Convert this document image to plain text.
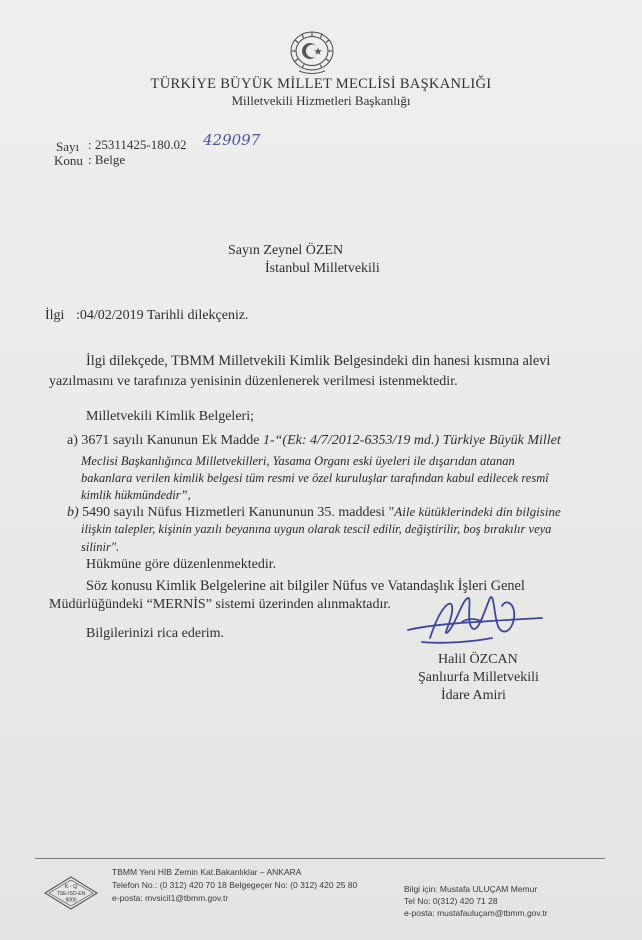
TÜRKİYE BÜYÜK MİLLET MECLİSİ BAŞKANLIĞI
Milletvekili Hizmetleri Başkanlığı
Sayı : 25311425-180.02 429097
Konu : Belge
Sayın Zeynel ÖZEN
İstanbul Milletvekili
İlgi :04/02/2019 Tarihli dilekçeniz.
İlgi dilekçede, TBMM Milletvekili Kimlik Belgesindeki din hanesi kısmına alevi
yazılmasını ve tarafınıza yenisinin düzenlenerek verilmesi istenmektedir.
Milletvekili Kimlik Belgeleri;
a) 3671 sayılı Kanunun Ek Madde 1-“(Ek: 4/7/2012-6353/19 md.) Türkiye Büyük Millet
Meclisi Başkanlığınca Milletvekilleri, Yasama Organı eski üyeleri ile dışarıdan atanan
bakanlara verilen kimlik belgesi tüm resmi ve özel kuruluşlar tarafından kabul edilecek resmî
kimlik hükmündedir”,
b) 5490 sayılı Nüfus Hizmetleri Kanununun 35. maddesi "Aile kütüklerindeki din bilgisine
ilişkin talepler, kişinin yazılı beyanına uygun olarak tescil edilir, değiştirilir, boş bırakılır veya
silinir".
Hükmüne göre düzenlenmektedir.
Söz konusu Kimlik Belgelerine ait bilgiler Nüfus ve Vatandaşlık İşleri Genel
Müdürlüğündeki “MERNİS” sistemi üzerinden alınmaktadır.
Bilgilerinizi rica ederim.
Halil ÖZCAN
Şanlıurfa Milletvekili
İdare Amiri
K - Q
TSE-ISO-EN
9000
TBMM Yeni HİB Zemin Kat.Bakanlıklar – ANKARA
Telefon No.: (0 312) 420 70 18 Belgegeçer No: (0 312) 420 25 80
e-posta: mvsicil1@tbmm.gov.tr
Bilgi için: Mustafa ULUÇAM Memur
Tel No: 0(312) 420 71 28
e-posta: mustafauluçam@tbmm.gov.tr
